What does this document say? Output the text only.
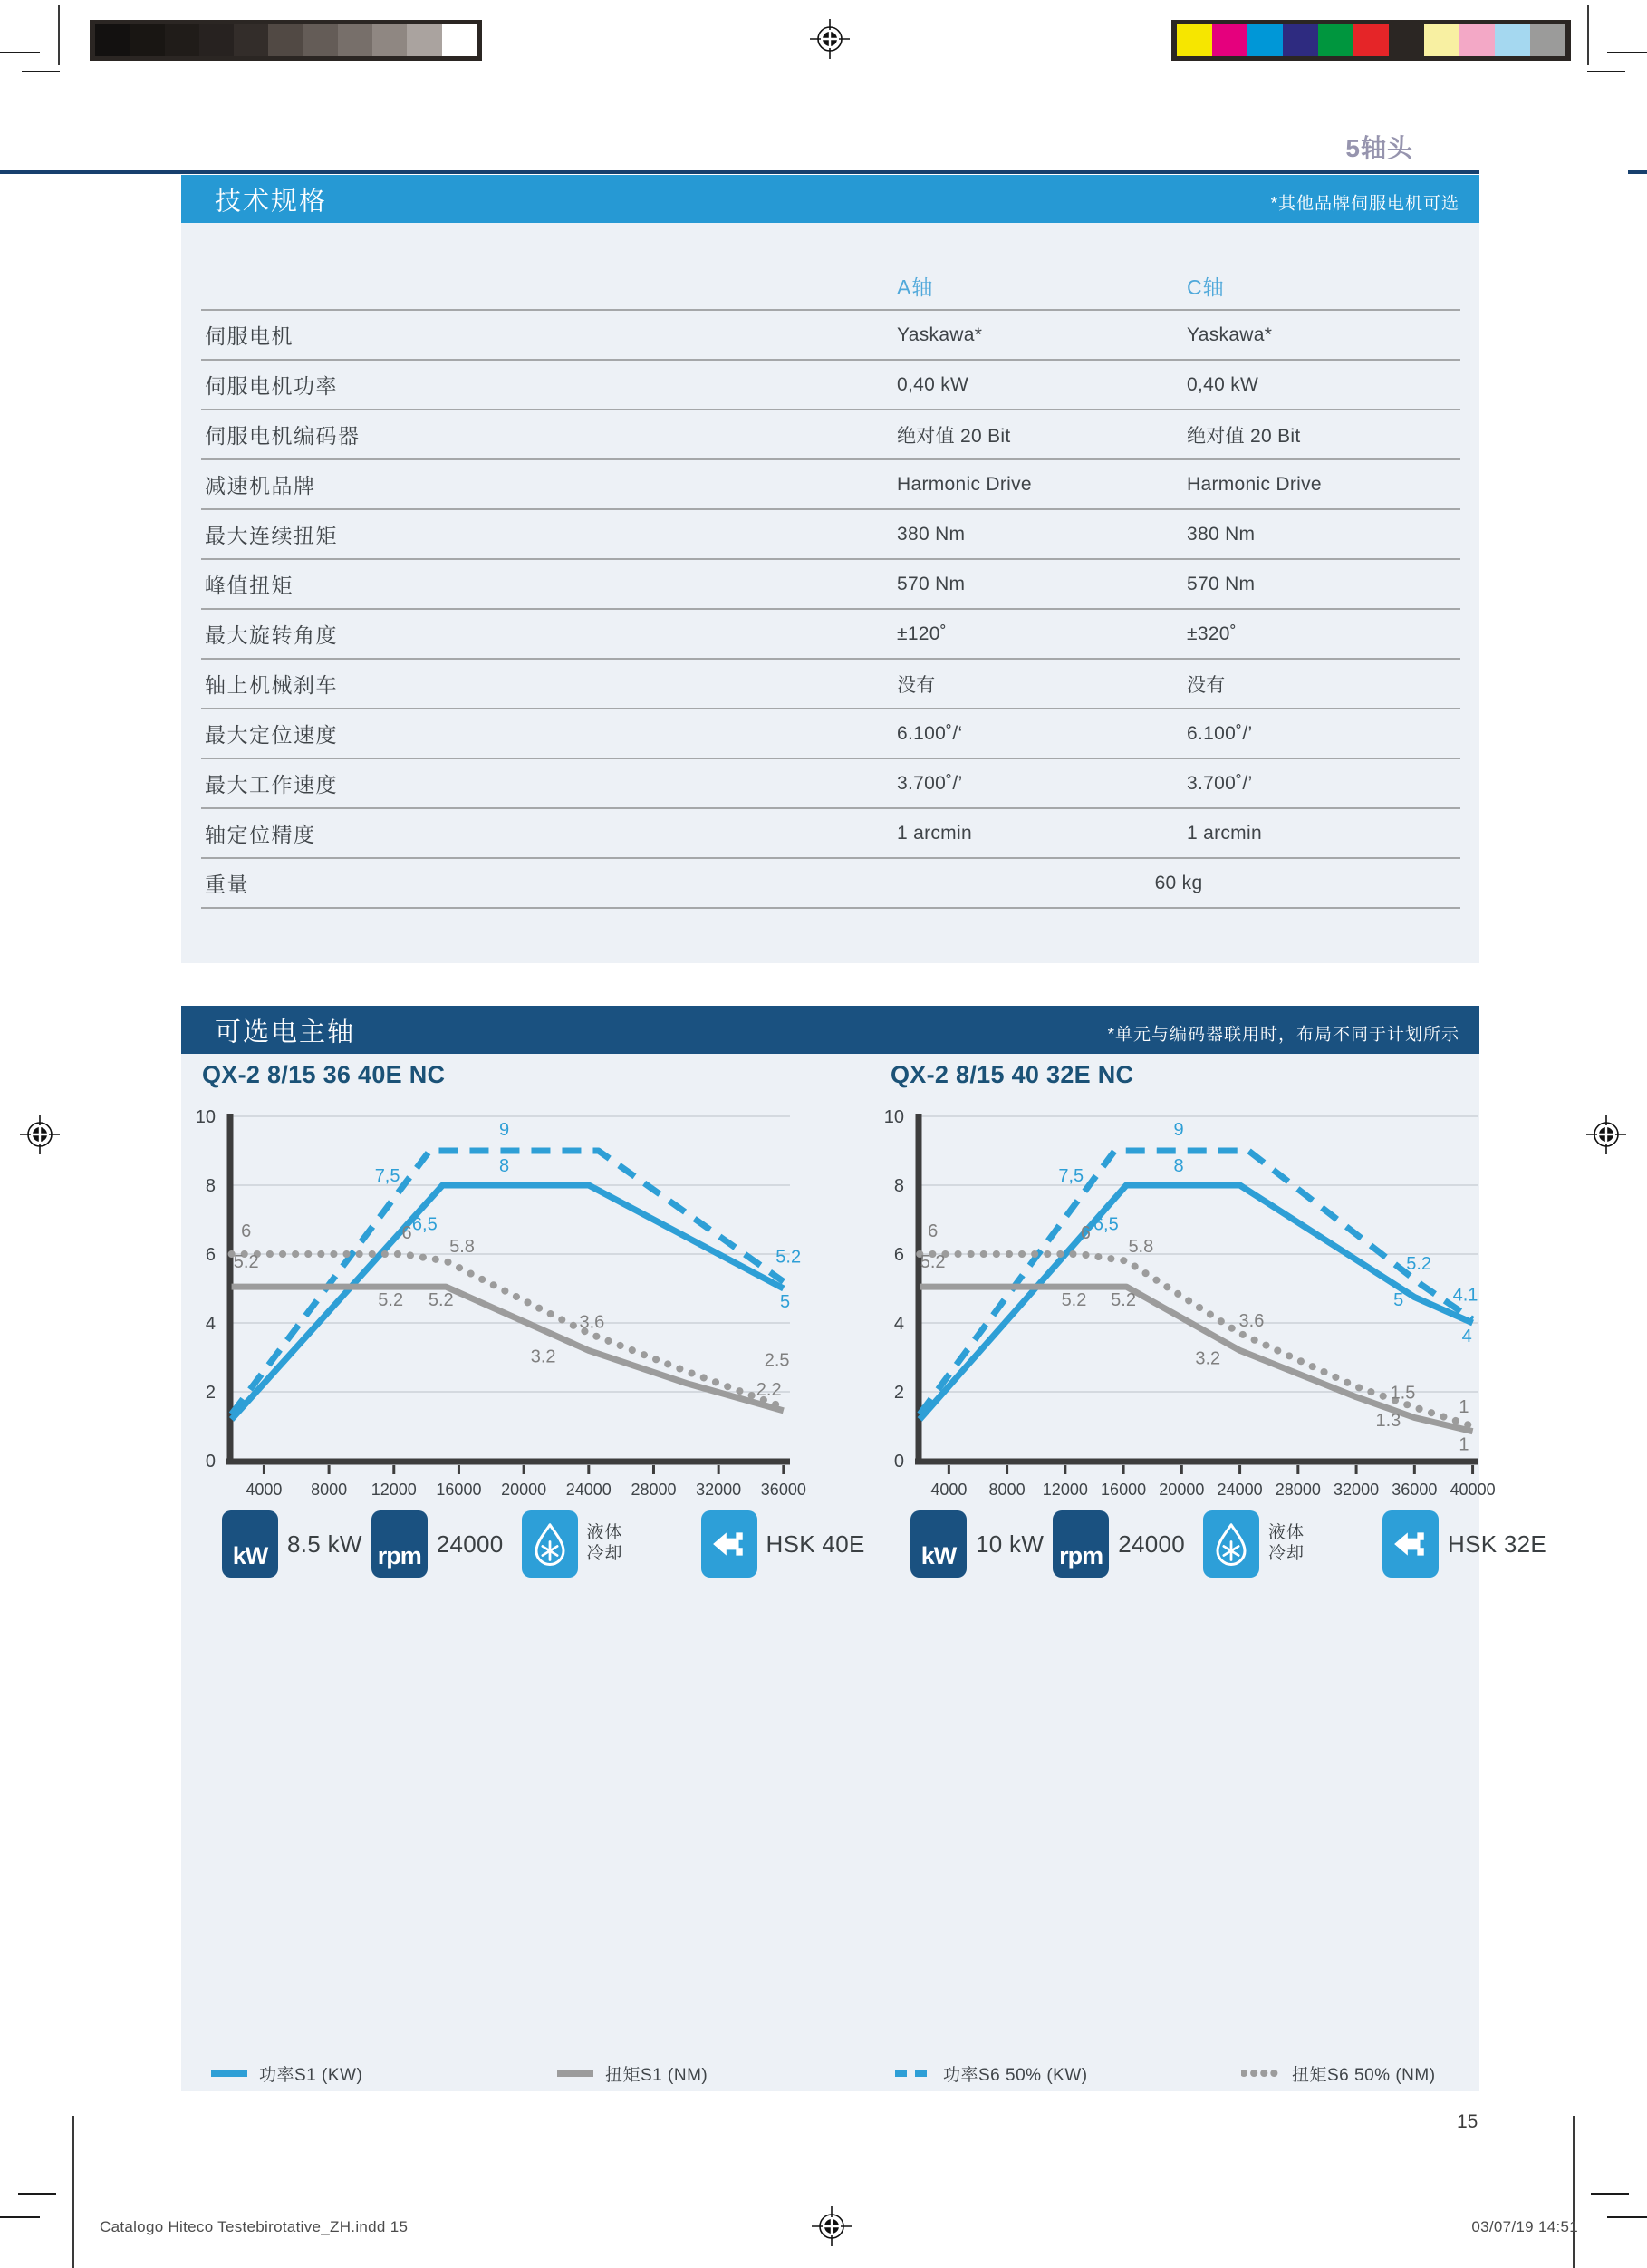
5轴头
技术规格	*其他品牌伺服电机可选
	A轴	C轴
伺服电机	Yaskawa*	Yaskawa*
伺服电机功率	0,40 kW	0,40 kW
伺服电机编码器	绝对值 20 Bit	绝对值 20 Bit
减速机品牌	Harmonic Drive	Harmonic Drive
最大连续扭矩	380 Nm	380 Nm
峰值扭矩	570 Nm	570 Nm
最大旋转角度	±120˚	±320˚
轴上机械刹车	没有	没有
最大定位速度	6.100˚/‘	6.100˚/’
最大工作速度	3.700˚/’	3.700˚/’
轴定位精度	1 arcmin	1 arcmin
重量	60 kg	
可选电主轴	*单元与编码器联用时，布局不同于计划所示
QX-2 8/15 36 40E NC
0
2
4
6
8
10
4000 8000 12000 16000 20000 24000 28000 32000 36000
9
8
7,5
6,5
5.2
5
6
5.2
6
5.8
5.2 5.2
3.6
3.2	2.5
2.2
kW 8.5 kW rpm 24000	液体
冷却	HSK 40E
QX-2 8/15 40 32E NC
0
2
4
6
8
10
4000 8000 12000 16000 20000 24000 28000 32000 36000 40000
9
8
7,5
6,5
5.2
4.1
5
4
6
5.2
6
5.8
5.2 5.2
3.6
3.2
1.5
1.3
1
1
kW 10 kW rpm 24000	液体
冷却	HSK 32E
功率S1 (KW)	扭矩S1 (NM)	功率S6 50% (KW)	扭矩S6 50% (NM)
15
Catalogo Hiteco Testebirotative_ZH.indd 15	03/07/19 14:51
